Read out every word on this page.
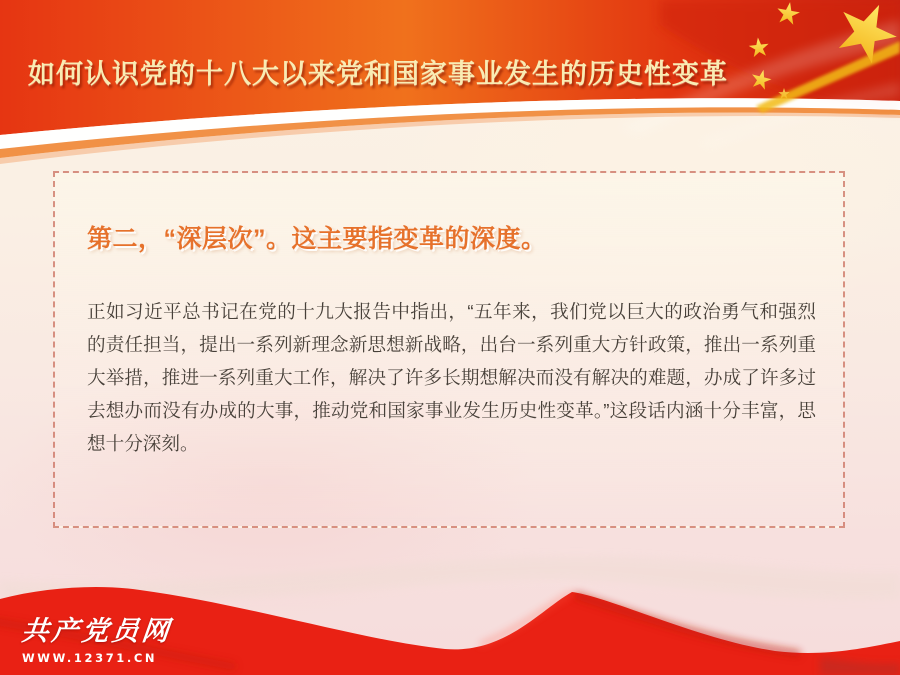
如何认识党的十八大以来党和国家事业发生的历史性变革
第二，“深层次”。这主要指变革的深度。

正如习近平总书记在党的十九大报告中指出，“五年来，我们党以巨大的政治勇气和强烈的责任担当，提出一系列新理念新思想新战略，出台一系列重大方针政策，推出一系列重大举措，推进一系列重大工作，解决了许多长期想解决而没有解决的难题，办成了许多过去想办而没有办成的大事，推动党和国家事业发生历史性变革。”这段话内涵十分丰富，思想十分深刻。

共产党员网
WWW.12371.CN
